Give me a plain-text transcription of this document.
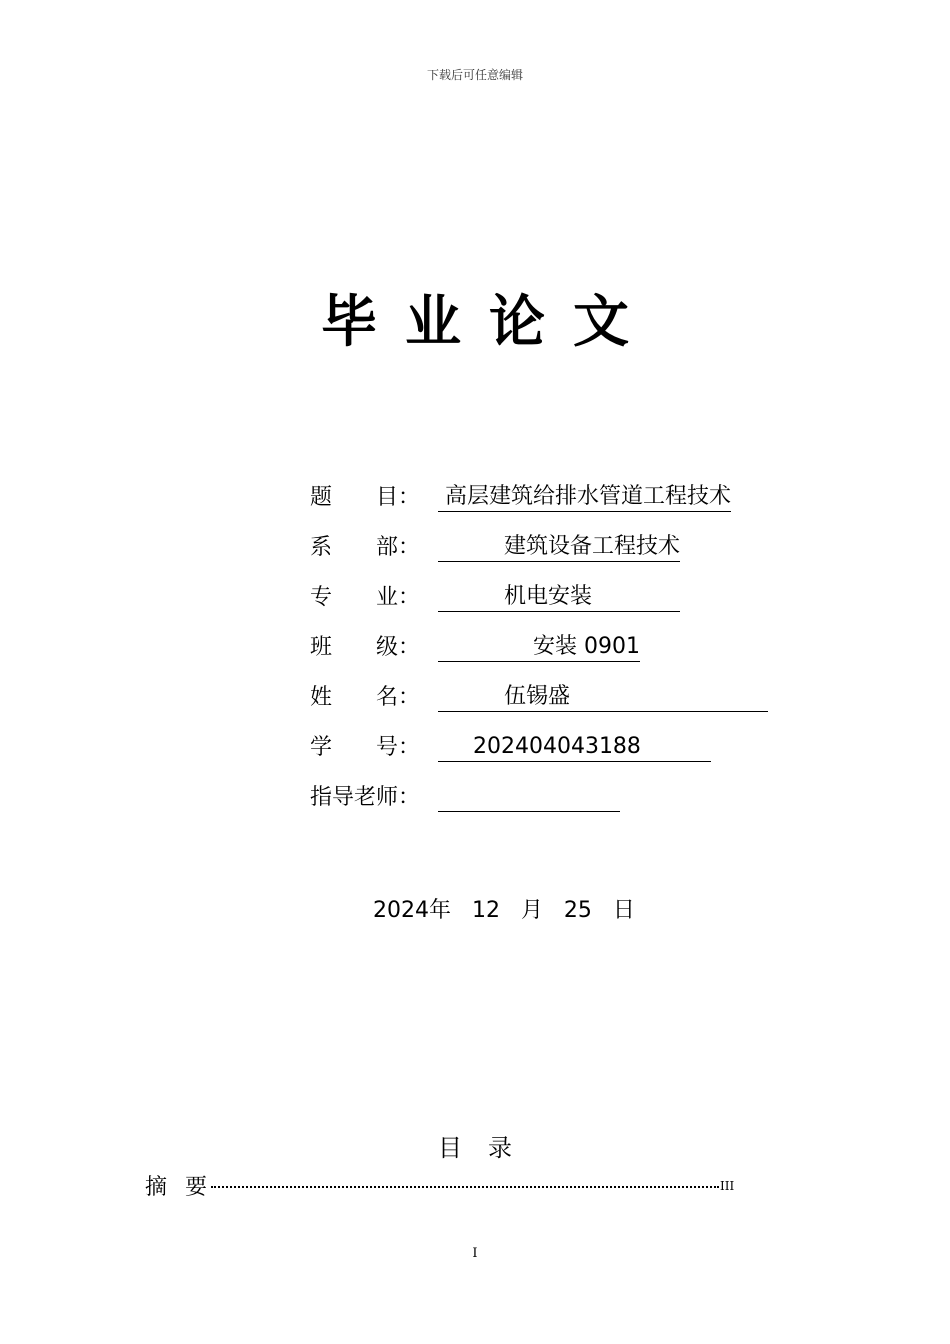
下载后可任意编辑
毕业论文

题　　目：

高层建筑给排水管道工程技术

系　　部：

　　　建筑设备工程技术

专　　业：

　　　机电安装　　　　

班　　级：

　　　　 安装 0901

姓　　名：

　　　伍锡盛　　　　　　　　　

学　　号：

202404043188

指导老师：

2024年   12   月   25   日
目录
摘要	III
I
